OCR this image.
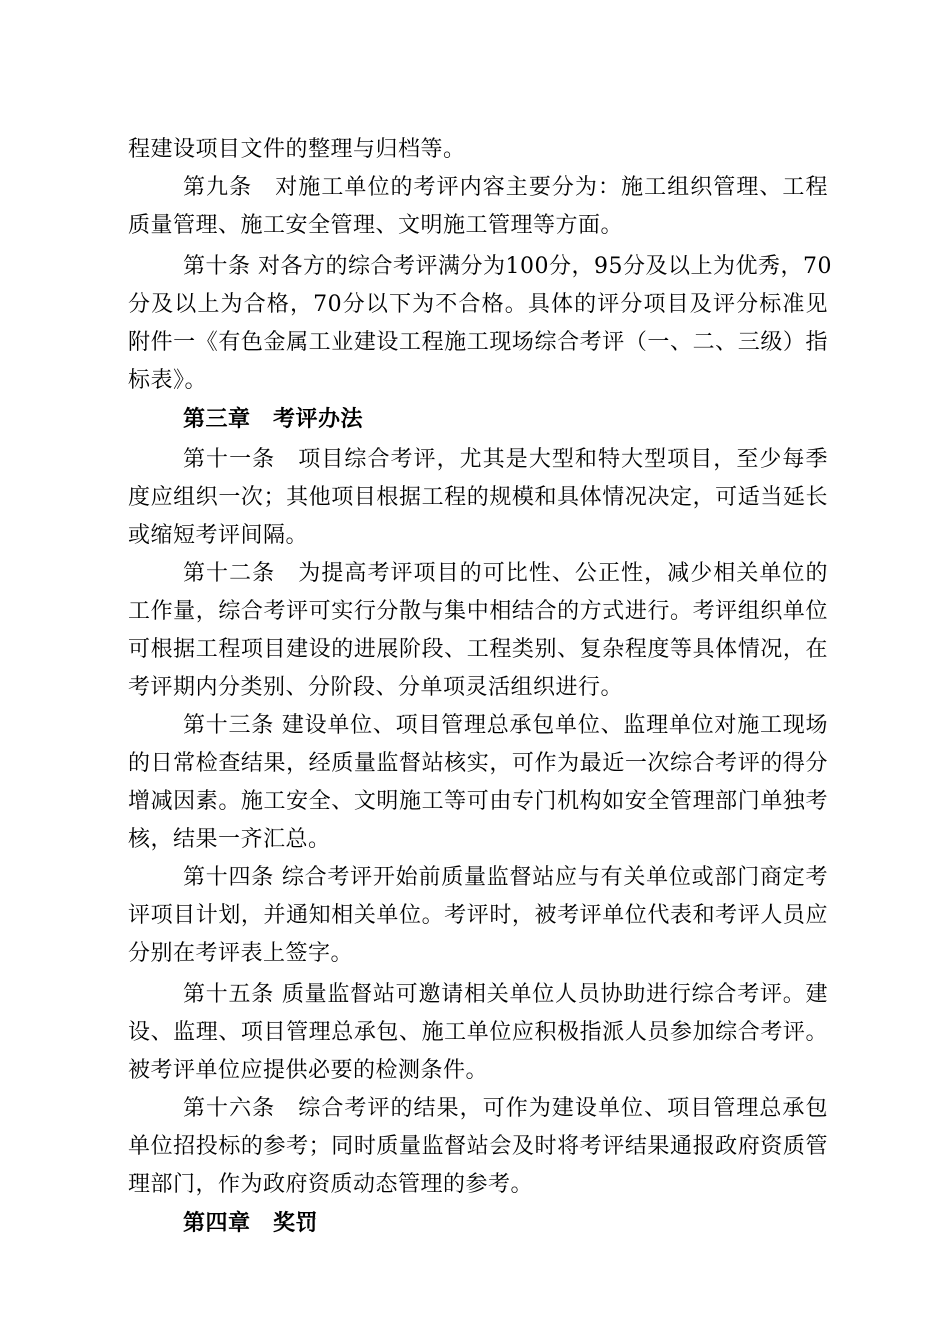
程建设项目文件的整理与归档等。
第九条　对施工单位的考评内容主要分为：施工组织管理、工程
质量管理、施工安全管理、文明施工管理等方面。
第十条 对各方的综合考评满分为100分，95分及以上为优秀，70
分及以上为合格，70分以下为不合格。具体的评分项目及评分标准见
附件一《有色金属工业建设工程施工现场综合考评（一、二、三级）指
标表》。
第三章　考评办法
第十一条　项目综合考评，尤其是大型和特大型项目，至少每季
度应组织一次；其他项目根据工程的规模和具体情况决定，可适当延长
或缩短考评间隔。
第十二条　为提高考评项目的可比性、公正性，减少相关单位的
工作量，综合考评可实行分散与集中相结合的方式进行。考评组织单位
可根据工程项目建设的进展阶段、工程类别、复杂程度等具体情况，在
考评期内分类别、分阶段、分单项灵活组织进行。
第十三条 建设单位、项目管理总承包单位、监理单位对施工现场
的日常检查结果，经质量监督站核实，可作为最近一次综合考评的得分
增减因素。施工安全、文明施工等可由专门机构如安全管理部门单独考
核，结果一齐汇总。
第十四条 综合考评开始前质量监督站应与有关单位或部门商定考
评项目计划，并通知相关单位。考评时，被考评单位代表和考评人员应
分别在考评表上签字。
第十五条 质量监督站可邀请相关单位人员协助进行综合考评。建
设、监理、项目管理总承包、施工单位应积极指派人员参加综合考评。
被考评单位应提供必要的检测条件。
第十六条　综合考评的结果，可作为建设单位、项目管理总承包
单位招投标的参考；同时质量监督站会及时将考评结果通报政府资质管
理部门，作为政府资质动态管理的参考。
第四章　奖罚
